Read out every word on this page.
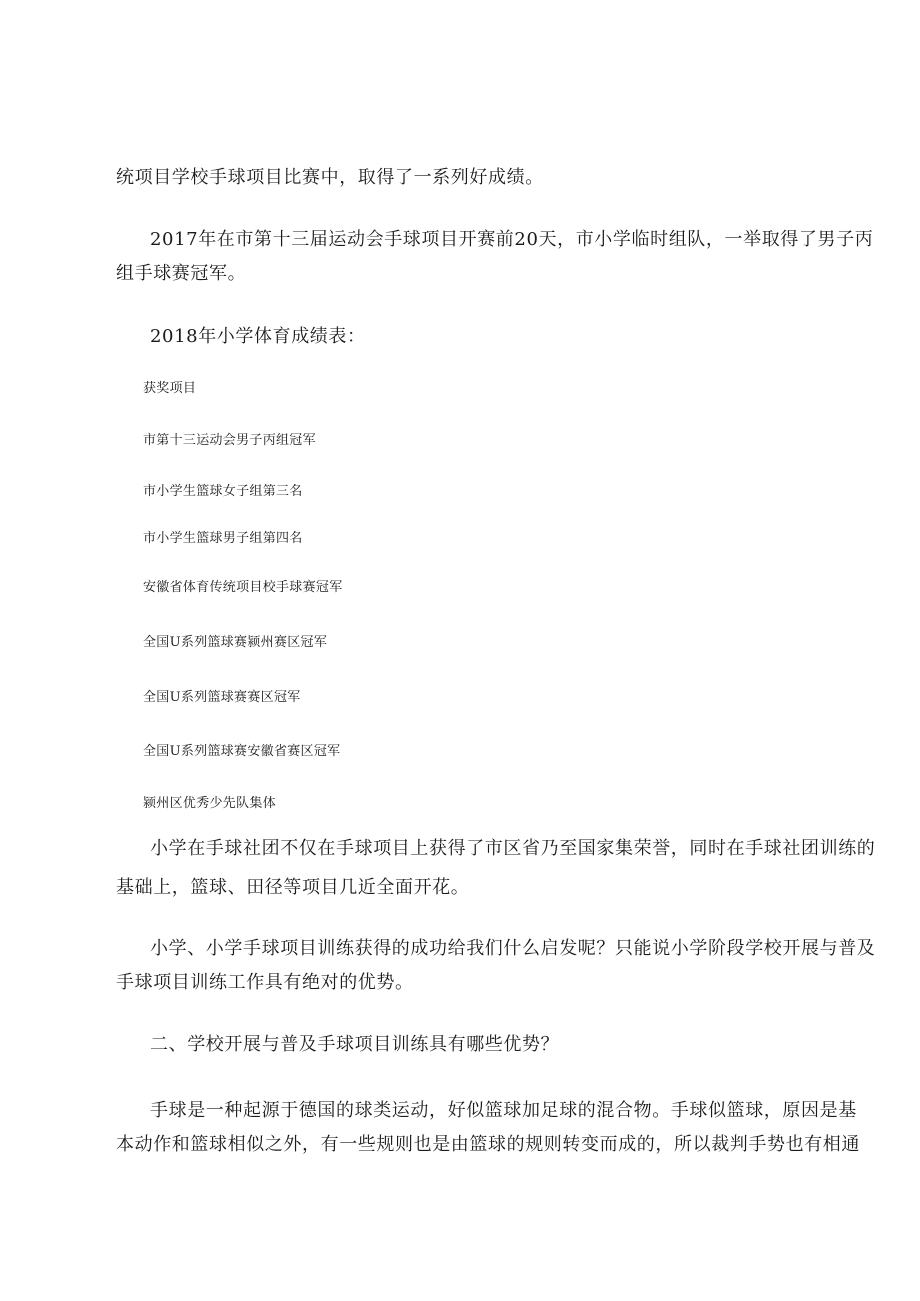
统项目学校手球项目比赛中，取得了一系列好成绩。

2017年在市第十三届运动会手球项目开赛前20天，市小学临时组队，一举取得了男子丙

组手球赛冠军。

2018年小学体育成绩表：

获奖项目

市第十三运动会男子丙组冠军

市小学生篮球女子组第三名

市小学生篮球男子组第四名

安徽省体育传统项目校手球赛冠军

全国U系列篮球赛颍州赛区冠军

全国U系列篮球赛赛区冠军

全国U系列篮球赛安徽省赛区冠军

颍州区优秀少先队集体

小学在手球社团不仅在手球项目上获得了市区省乃至国家集荣誉，同时在手球社团训练的

基础上，篮球、田径等项目几近全面开花。

小学、小学手球项目训练获得的成功给我们什么启发呢？只能说小学阶段学校开展与普及

手球项目训练工作具有绝对的优势。

二、学校开展与普及手球项目训练具有哪些优势？

手球是一种起源于德国的球类运动，好似篮球加足球的混合物。手球似篮球，原因是基

本动作和篮球相似之外，有一些规则也是由篮球的规则转变而成的，所以裁判手势也有相通
